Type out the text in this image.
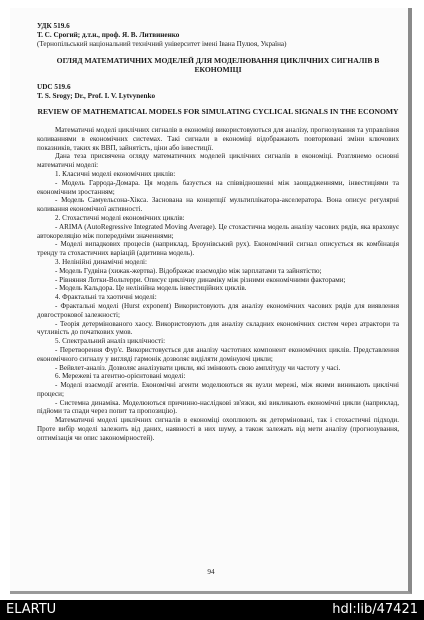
УДК 519.6
Т. С. Срогий; д.т.н., проф. Я. В. Литвиненко
(Тернопільський національний технічний університет імені Івана Пулюя, Україна)
ОГЛЯД МАТЕМАТИЧНИХ МОДЕЛЕЙ ДЛЯ МОДЕЛЮВАННЯ ЦИКЛІЧНИХ СИГНАЛІВ В ЕКОНОМІЦІ
UDC 519.6
T. S. Srogy; Dr., Prof. I. V. Lytvynenko
REVIEW OF MATHEMATICAL MODELS FOR SIMULATING CYCLICAL SIGNALS IN THE ECONOMY

Математичні моделі циклічних сигналів в економіці використовуються для аналізу, прогнозування та управління коливаннями в економічних системах. Такі сигнали в економіці відображають повторювані зміни ключових показників, таких як ВВП, зайнятість, ціни або інвестиції.

Дана теза присвячена огляду математичних моделей циклічних сигналів в економіці. Розглянемо основні математичні моделі:

1. Класичні моделі економічних циклів:

- Модель Гаррода-Домара. Ця модель базується на співвідношенні між заощадженнями, інвестиціями та економічним зростанням;

- Модель Самуельсона-Хікса. Заснована на концепції мультиплікатора-акселератора. Вона описує регулярні коливання економічної активності.

2. Стохастичні моделі економічних циклів:

- ARIMA (AutoRegressive Integrated Moving Average). Це стохастична модель аналізу часових рядів, яка враховує автокореляцію між попередніми значеннями;

- Моделі випадкових процесів (наприклад, Броунівський рух). Економічний сигнал описується як комбінація тренду та стохастичних варіацій (адитивна модель).

3. Нелінійні динамічні моделі:

- Модель Гудвіна (хижак-жертва). Відображає взаємодію між зарплатами та зайнятістю;

- Рівняння Лотки-Вольтерри. Описує циклічну динаміку між різними економічними факторами;

- Модель Кальдора. Це нелінійна модель інвестиційних циклів.

4. Фрактальні та хаотичні моделі:

- Фрактальні моделі (Hurst exponent) Використовують для аналізу економічних часових рядів для виявлення довгострокової залежності;

- Теорія детермінованого хаосу. Використовують для аналізу складних економічних систем через атрактори та чутливість до початкових умов.

5. Спектральний аналіз циклічності:

- Перетворення Фур'є. Використовується для аналізу частотних компонент економічних циклів. Представлення економічного сигналу у вигляді гармонік дозволяє виділяти домінуючі цикли;

- Вейвлет-аналіз. Дозволяє аналізувати цикли, які змінюють свою амплітуду чи частоту у часі.

6. Мережеві та агентно-орієнтовані моделі:

- Моделі взаємодії агентів. Економічні агенти моделюються як вузли мережі, між якими виникають циклічні процеси;

- Системна динаміка. Моделюються причинно-наслідкові зв'язки, які викликають економічні цикли (наприклад, підйоми та спади через попит та пропозицію).

Математичні моделі циклічних сигналів в економіці охоплюють як детерміновані, так і стохастичні підходи. Проте вибір моделі залежить від даних, наявності в них шуму, а також залежать від мети аналізу (прогнозування, оптимізація чи опис закономірностей).

94
ELARTU	hdl:lib/47421
